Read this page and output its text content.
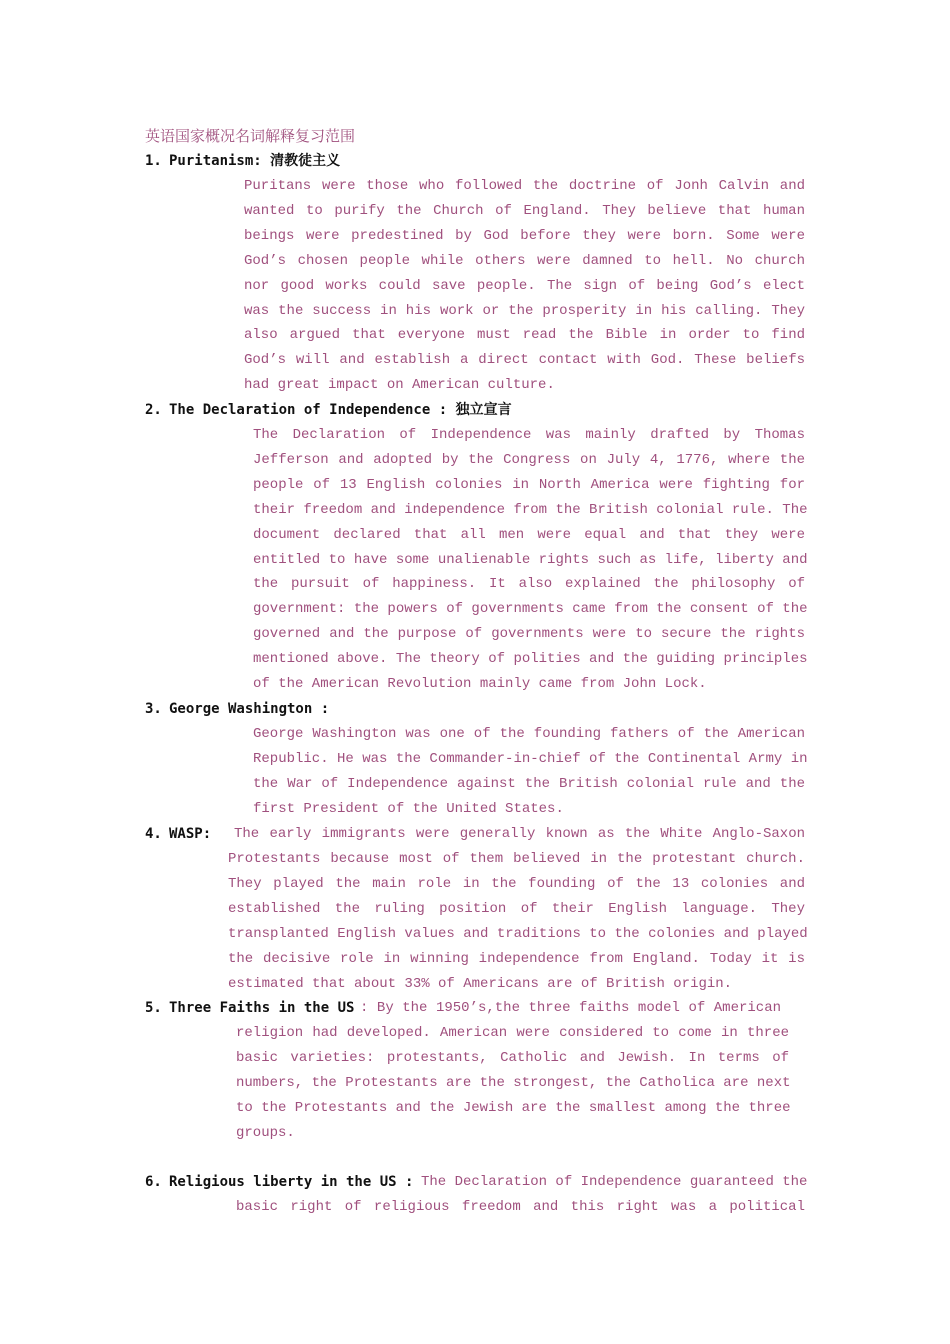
英语国家概况名词解释复习范围
1. Puritanism: 清教徒主义
Puritans were those who followed the doctrine of Jonh Calvin and
wanted to purify the Church of England. They believe that human
beings were predestined by God before they were born. Some were
God’s chosen people while others were damned to hell. No church
nor good works could save people. The sign of being God’s elect
was the success in his work or the prosperity in his calling. They
also argued that everyone must read the Bible in order to find
God’s will and establish a direct contact with God. These beliefs
had great impact on American culture.
2. The Declaration of Independence : 独立宣言
The Declaration of Independence was mainly drafted by Thomas
Jefferson and adopted by the Congress on July 4, 1776, where the
people of 13 English colonies in North America were fighting for
their freedom and independence from the British colonial rule. The
document declared that all men were equal and that they were
entitled to have some unalienable rights such as life, liberty and
the pursuit of happiness. It also explained the philosophy of
government: the powers of governments came from the consent of the
governed and the purpose of governments were to secure the rights
mentioned above. The theory of polities and the guiding principles
of the American Revolution mainly came from John Lock.
3. George Washington :
George Washington was one of the founding fathers of the American
Republic. He was the Commander-in-chief of the Continental Army in
the War of Independence against the British colonial rule and the
first President of the United States.
4. WASP: The early immigrants were generally known as the White Anglo-Saxon
Protestants because most of them believed in the protestant church.
They played the main role in the founding of the 13 colonies and
established the ruling position of their English language. They
transplanted English values and traditions to the colonies and played
the decisive role in winning independence from England. Today it is
estimated that about 33% of Americans are of British origin.
5. Three Faiths in the US : By the 1950’s,the three faiths model of American
religion had developed. American were considered to come in three
basic varieties: protestants, Catholic and Jewish. In terms of
numbers, the Protestants are the strongest, the Catholica are next
to the Protestants and the Jewish are the smallest among the three
groups.
6. Religious liberty in the US : The Declaration of Independence guaranteed the
basic right of religious freedom and this right was a political
